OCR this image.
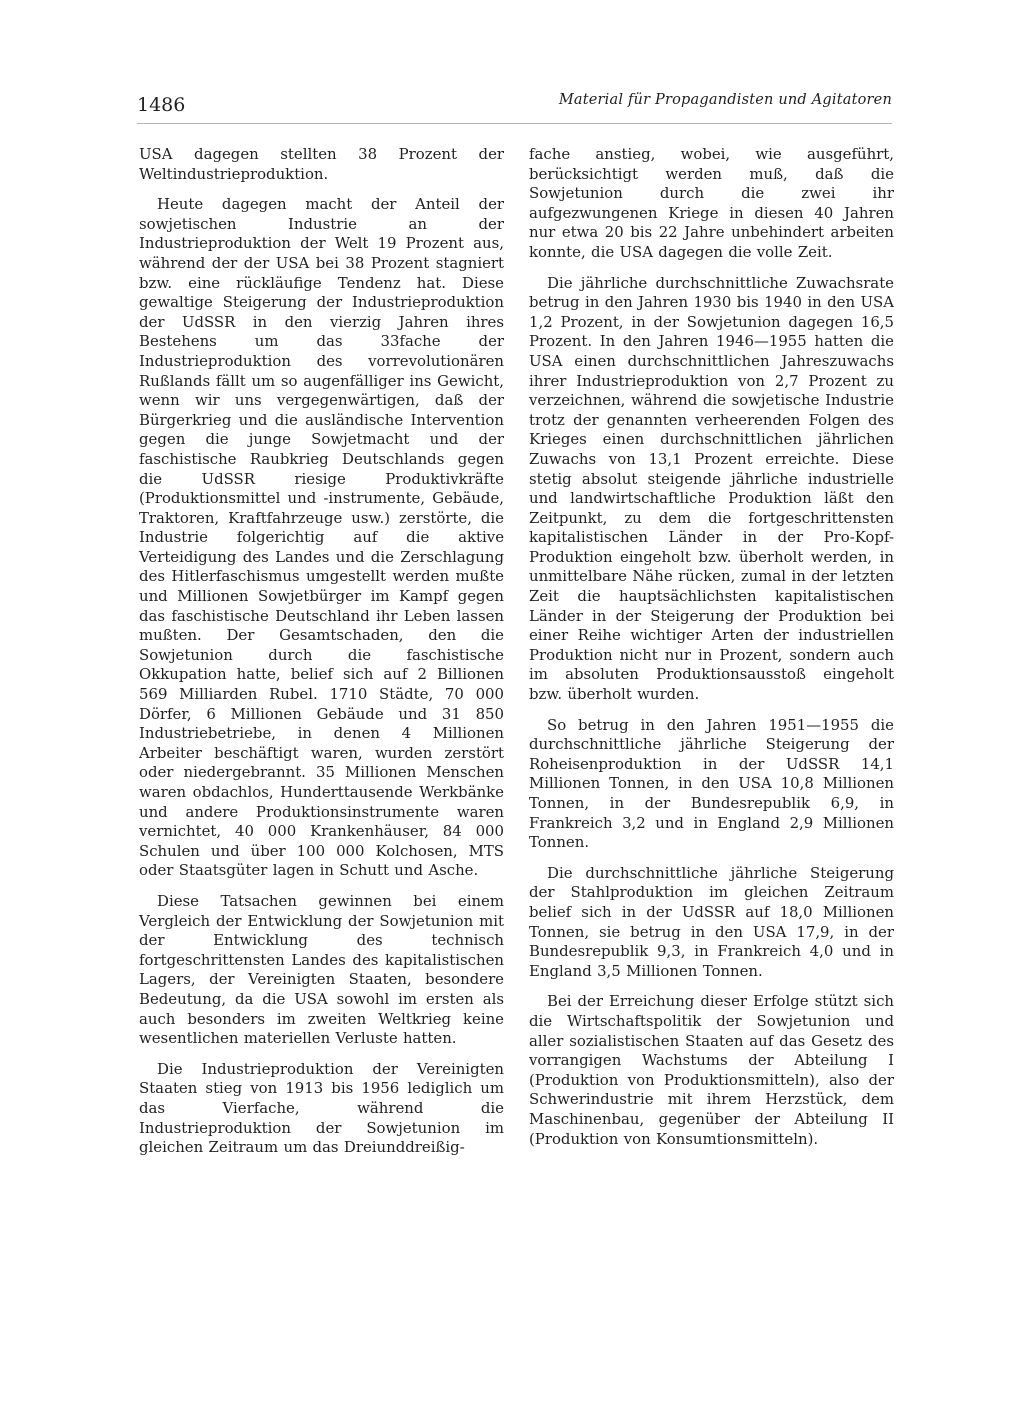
1486	Material für Propagandisten und Agitatoren

USA dagegen stellten 38 Prozent der Weltindustrieproduktion.

Heute dagegen macht der Anteil der sowjetischen Industrie an der Industrieproduktion der Welt 19 Prozent aus, während der der USA bei 38 Prozent stagniert bzw. eine rückläufige Tendenz hat. Diese gewaltige Steigerung der Industrieproduktion der UdSSR in den vierzig Jahren ihres Bestehens um das 33fache der Industrieproduktion des vorrevolutionären Rußlands fällt um so augenfälliger ins Gewicht, wenn wir uns vergegenwärtigen, daß der Bürgerkrieg und die ausländische Intervention gegen die junge Sowjetmacht und der faschistische Raubkrieg Deutschlands gegen die UdSSR riesige Produktivkräfte (Produktionsmittel und -instrumente, Gebäude, Traktoren, Kraftfahrzeuge usw.) zerstörte, die Industrie folgerichtig auf die aktive Verteidigung des Landes und die Zerschlagung des Hitlerfaschismus umgestellt werden mußte und Millionen Sowjetbürger im Kampf gegen das faschistische Deutschland ihr Leben lassen mußten. Der Gesamtschaden, den die Sowjetunion durch die faschistische Okkupation hatte, belief sich auf 2 Billionen 569 Milliarden Rubel. 1710 Städte, 70 000 Dörfer, 6 Millionen Gebäude und 31 850 Industriebetriebe, in denen 4 Millionen Arbeiter beschäftigt waren, wurden zerstört oder niedergebrannt. 35 Millionen Menschen waren obdachlos, Hunderttausende Werkbänke und andere Produktionsinstrumente waren vernichtet, 40 000 Krankenhäuser, 84 000 Schulen und über 100 000 Kolchosen, MTS oder Staatsgüter lagen in Schutt und Asche.

Diese Tatsachen gewinnen bei einem Vergleich der Entwicklung der Sowjetunion mit der Entwicklung des technisch fortgeschrittensten Landes des kapitalistischen Lagers, der Vereinigten Staaten, besondere Bedeutung, da die USA sowohl im ersten als auch besonders im zweiten Weltkrieg keine wesentlichen materiellen Verluste hatten.

Die Industrieproduktion der Vereinigten Staaten stieg von 1913 bis 1956 lediglich um das Vierfache, während die Industrieproduktion der Sowjetunion im gleichen Zeitraum um das Dreiunddreißig-

fache anstieg, wobei, wie ausgeführt, berücksichtigt werden muß, daß die Sowjetunion durch die zwei ihr aufgezwungenen Kriege in diesen 40 Jahren nur etwa 20 bis 22 Jahre unbehindert arbeiten konnte, die USA dagegen die volle Zeit.

Die jährliche durchschnittliche Zuwachsrate betrug in den Jahren 1930 bis 1940 in den USA 1,2 Prozent, in der Sowjetunion dagegen 16,5 Prozent. In den Jahren 1946—1955 hatten die USA einen durchschnittlichen Jahreszuwachs ihrer Industrieproduktion von 2,7 Prozent zu verzeichnen, während die sowjetische Industrie trotz der genannten verheerenden Folgen des Krieges einen durchschnittlichen jährlichen Zuwachs von 13,1 Prozent erreichte. Diese stetig absolut steigende jährliche industrielle und landwirtschaftliche Produktion läßt den Zeitpunkt, zu dem die fortgeschrittensten kapitalistischen Länder in der Pro-Kopf-Produktion eingeholt bzw. überholt werden, in unmittelbare Nähe rücken, zumal in der letzten Zeit die hauptsächlichsten kapitalistischen Länder in der Steigerung der Produktion bei einer Reihe wichtiger Arten der industriellen Produktion nicht nur in Prozent, sondern auch im absoluten Produktionsausstoß eingeholt bzw. überholt wurden.

So betrug in den Jahren 1951—1955 die durchschnittliche jährliche Steigerung der Roheisenproduktion in der UdSSR 14,1 Millionen Tonnen, in den USA 10,8 Millionen Tonnen, in der Bundesrepublik 6,9, in Frankreich 3,2 und in England 2,9 Millionen Tonnen.

Die durchschnittliche jährliche Steigerung der Stahlproduktion im gleichen Zeitraum belief sich in der UdSSR auf 18,0 Millionen Tonnen, sie betrug in den USA 17,9, in der Bundesrepublik 9,3, in Frankreich 4,0 und in England 3,5 Millionen Tonnen.

Bei der Erreichung dieser Erfolge stützt sich die Wirtschaftspolitik der Sowjetunion und aller sozialistischen Staaten auf das Gesetz des vorrangigen Wachstums der Abteilung I (Produktion von Produktionsmitteln), also der Schwerindustrie mit ihrem Herzstück, dem Maschinenbau, gegenüber der Abteilung II (Produktion von Konsumtionsmitteln).
